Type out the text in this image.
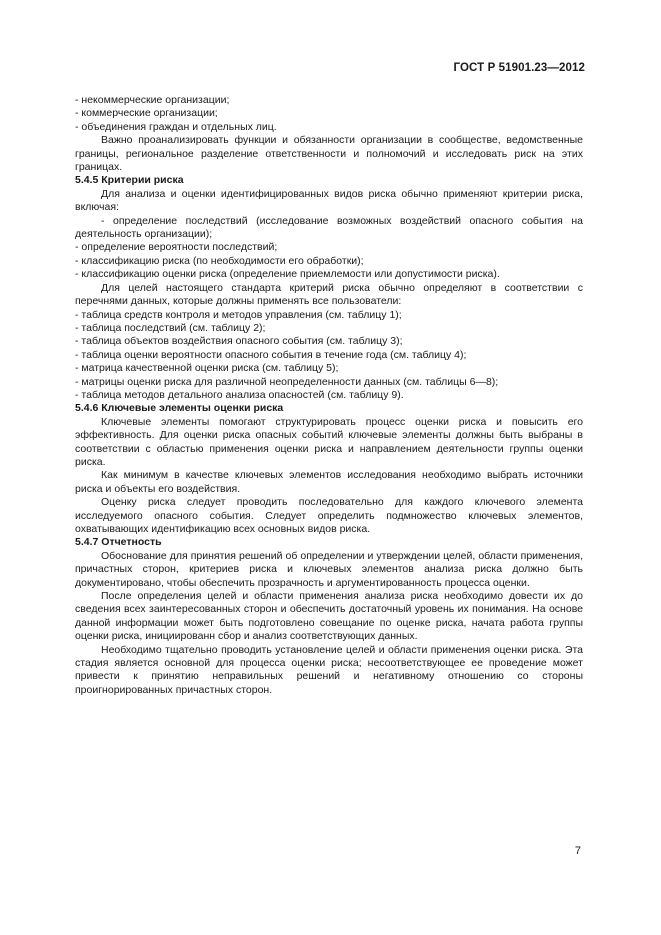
ГОСТ Р 51901.23—2012

- некоммерческие организации;

- коммерческие организации;

- объединения граждан и отдельных лиц.

Важно проанализировать функции и обязанности организации в сообществе, ведомственные границы, региональное разделение ответственности и полномочий и исследовать риск на этих границах.

5.4.5 Критерии риска

Для анализа и оценки идентифицированных видов риска обычно применяют критерии риска, включая:

- определение последствий (исследование возможных воздействий опасного события на деятельность организации);

- определение вероятности последствий;

- классификацию риска (по необходимости его обработки);

- классификацию оценки риска (определение приемлемости или допустимости риска).

Для целей настоящего стандарта критерий риска обычно определяют в соответствии с перечнями данных, которые должны применять все пользователи:

- таблица средств контроля и методов управления (см. таблицу 1);

- таблица последствий (см. таблицу 2);

- таблица объектов воздействия опасного события (см. таблицу 3);

- таблица оценки вероятности опасного события в течение года (см. таблицу 4);

- матрица качественной оценки риска (см. таблицу 5);

- матрицы оценки риска для различной неопределенности данных (см. таблицы 6—8);

- таблица методов детального анализа опасностей (см. таблицу 9).

5.4.6 Ключевые элементы оценки риска

Ключевые элементы помогают структурировать процесс оценки риска и повысить его эффективность. Для оценки риска опасных событий ключевые элементы должны быть выбраны в соответствии с областью применения оценки риска и направлением деятельности группы оценки риска.

Как минимум в качестве ключевых элементов исследования необходимо выбрать источники риска и объекты его воздействия.

Оценку риска следует проводить последовательно для каждого ключевого элемента исследуемого опасного события. Следует определить подмножество ключевых элементов, охватывающих идентификацию всех основных видов риска.

5.4.7 Отчетность

Обоснование для принятия решений об определении и утверждении целей, области применения, причастных сторон, критериев риска и ключевых элементов анализа риска должно быть документировано, чтобы обеспечить прозрачность и аргументированность процесса оценки.

После определения целей и области применения анализа риска необходимо довести их до сведения всех заинтересованных сторон и обеспечить достаточный уровень их понимания. На основе данной информации может быть подготовлено совещание по оценке риска, начата работа группы оценки риска, инициированн сбор и анализ соответствующих данных.

Необходимо тщательно проводить установление целей и области применения оценки риска. Эта стадия является основной для процесса оценки риска; несоответствующее ее проведение может привести к принятию неправильных решений и негативному отношению со стороны проигнорированных причастных сторон.

7
